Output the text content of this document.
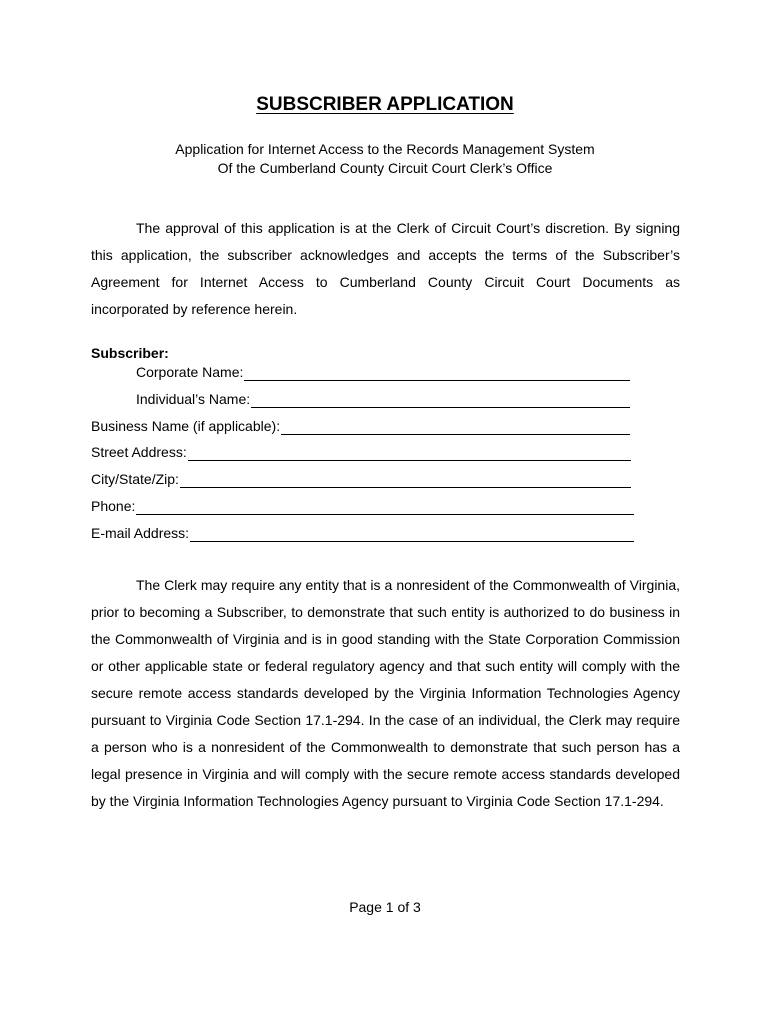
SUBSCRIBER APPLICATION
Application for Internet Access to the Records Management System
Of the Cumberland County Circuit Court Clerk’s Office

The approval of this application is at the Clerk of Circuit Court’s discretion. By signing this application, the subscriber acknowledges and accepts the terms of the Subscriber’s Agreement for Internet Access to Cumberland County Circuit Court Documents as incorporated by reference herein.

Subscriber:
Corporate Name:
Individual’s Name:
Business Name (if applicable):
Street Address:
City/State/Zip:
Phone:
E-mail Address:

The Clerk may require any entity that is a nonresident of the Commonwealth of Virginia, prior to becoming a Subscriber, to demonstrate that such entity is authorized to do business in the Commonwealth of Virginia and is in good standing with the State Corporation Commission or other applicable state or federal regulatory agency and that such entity will comply with the secure remote access standards developed by the Virginia Information Technologies Agency pursuant to Virginia Code Section 17.1-294. In the case of an individual, the Clerk may require a person who is a nonresident of the Commonwealth to demonstrate that such person has a legal presence in Virginia and will comply with the secure remote access standards developed by the Virginia Information Technologies Agency pursuant to Virginia Code Section 17.1-294.

Page 1 of 3
